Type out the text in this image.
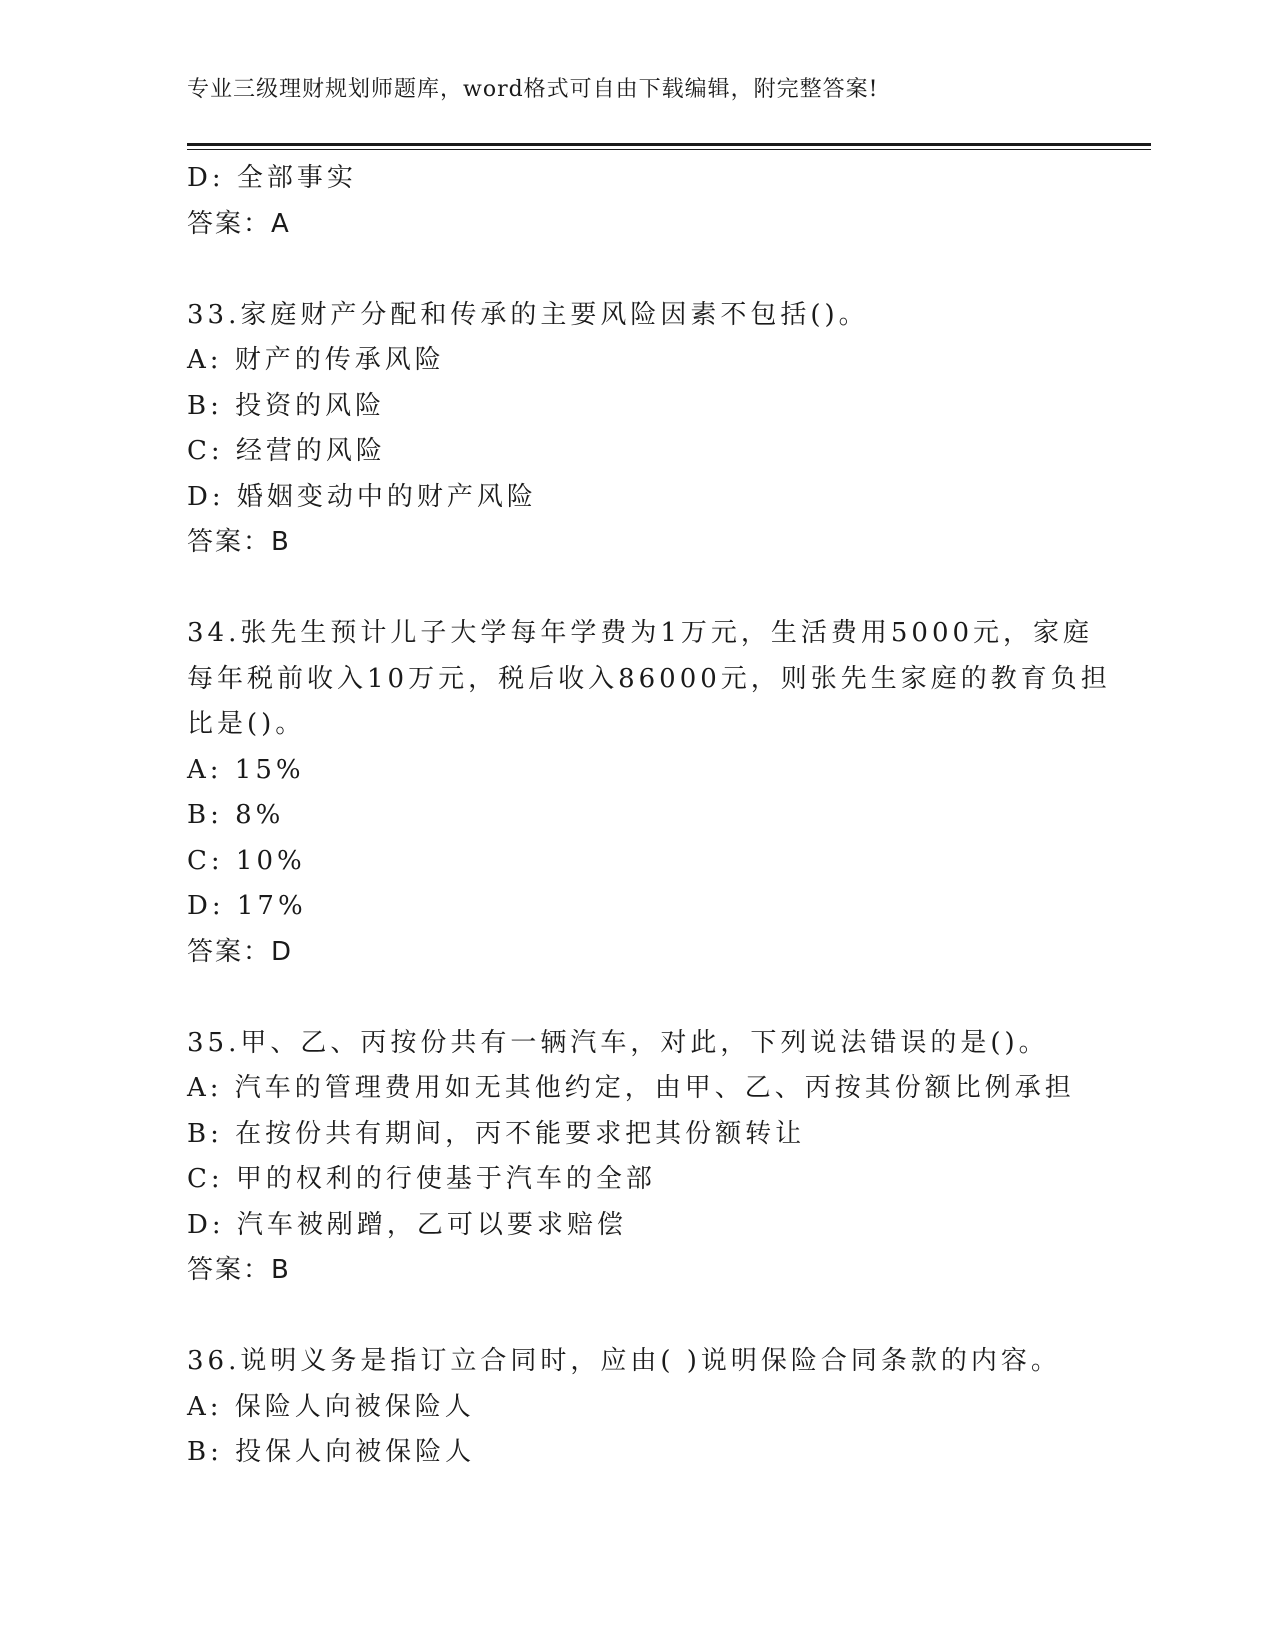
专业三级理财规划师题库，word格式可自由下载编辑，附完整答案!
D: 全部事实
答案：A
33.家庭财产分配和传承的主要风险因素不包括()。
A: 财产的传承风险
B: 投资的风险
C: 经营的风险
D: 婚姻变动中的财产风险
答案：B
34.张先生预计儿子大学每年学费为1万元，生活费用5000元，家庭
每年税前收入10万元，税后收入86000元，则张先生家庭的教育负担
比是()。
A: 15%
B: 8%
C: 10%
D: 17%
答案：D
35.甲、乙、丙按份共有一辆汽车，对此，下列说法错误的是()。
A: 汽车的管理费用如无其他约定，由甲、乙、丙按其份额比例承担
B: 在按份共有期间，丙不能要求把其份额转让
C: 甲的权利的行使基于汽车的全部
D: 汽车被剐蹭，乙可以要求赔偿
答案：B
36.说明义务是指订立合同时，应由( )说明保险合同条款的内容。
A: 保险人向被保险人
B: 投保人向被保险人
